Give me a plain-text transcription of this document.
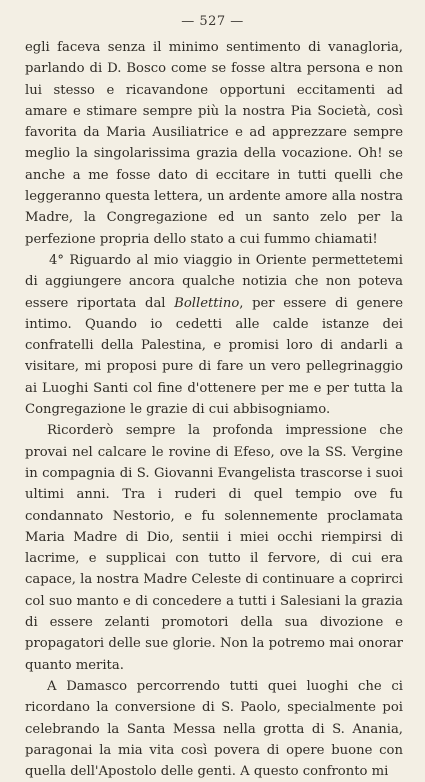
— 527 —

egli faceva senza il minimo sentimento di vanagloria, parlando di D. Bosco come se fosse altra persona e non lui stesso e ricavandone opportuni eccitamenti ad amare e stimare sempre più la nostra Pia Società, così favorita da Maria Ausiliatrice e ad apprezzare sempre meglio la singolarissima grazia della vocazione. Oh! se anche a me fosse dato di eccitare in tutti quelli che leggeranno questa lettera, un ardente amore alla nostra Madre, la Congregazione ed un santo zelo per la perfezione propria dello stato a cui fummo chiamati!

4° Riguardo al mio viaggio in Oriente permettetemi di aggiungere ancora qualche notizia che non poteva essere riportata dal Bollettino, per essere di genere intimo. Quando io cedetti alle calde istanze dei confratelli della Palestina, e promisi loro di andarli a visitare, mi proposi pure di fare un vero pellegrinaggio ai Luoghi Santi col fine d'ottenere per me e per tutta la Congregazione le grazie di cui abbisogniamo.

Ricorderò sempre la profonda impressione che provai nel calcare le rovine di Efeso, ove la SS. Vergine in compagnia di S. Giovanni Evangelista trascorse i suoi ultimi anni. Tra i ruderi di quel tempio ove fu condannato Nestorio, e fu solennemente proclamata Maria Madre di Dio, sentii i miei occhi riempirsi di lacrime, e supplicai con tutto il fervore, di cui era capace, la nostra Madre Celeste di continuare a coprirci col suo manto e di concedere a tutti i Salesiani la grazia di essere zelanti promotori della sua divozione e propagatori delle sue glorie. Non la potremo mai onorar quanto merita.

A Damasco percorrendo tutti quei luoghi che ci ricordano la conversione di S. Paolo, specialmente poi celebrando la Santa Messa nella grotta di S. Anania, paragonai la mia vita così povera di opere buone con quella dell'Apostolo delle genti. A questo confronto mi
